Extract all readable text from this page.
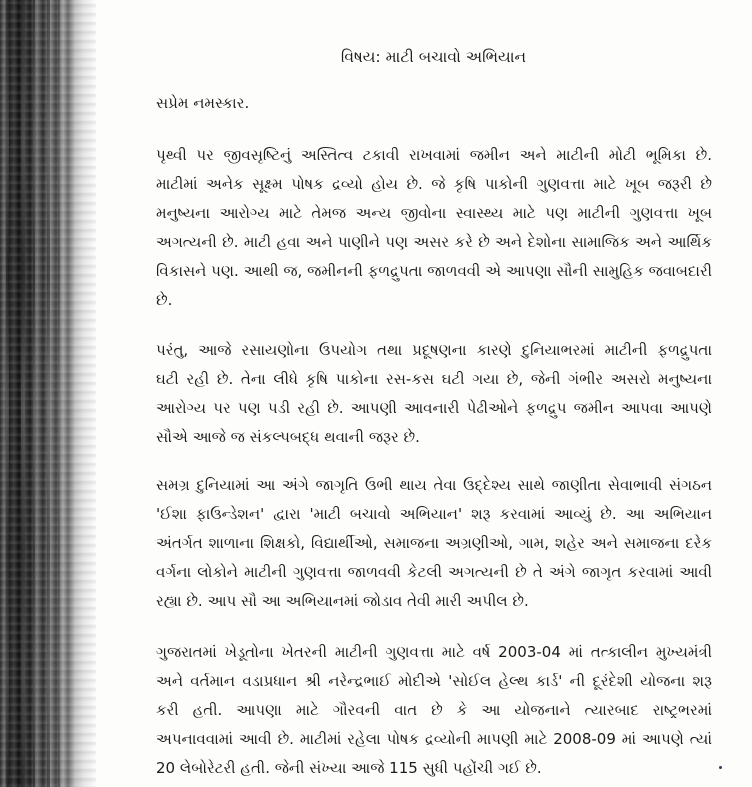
વિષય: માટી બચાવો અભિયાન
સપ્રેમ નમસ્કાર.
પૃથ્વી પર જીવસૃષ્ટિનું અસ્તિત્વ ટકાવી રાખવામાં જમીન અને માટીની મોટી ભૂમિકા છે.
માટીમાં અનેક સૂક્ષ્મ પોષક દ્રવ્યો હોય છે. જે કૃષિ પાકોની ગુણવત્તા માટે ખૂબ જરૂરી છે
મનુષ્યના આરોગ્ય માટે તેમજ અન્ય જીવોના સ્વાસ્થ્ય માટે પણ માટીની ગુણવત્તા ખૂબ
અગત્યની છે. માટી હવા અને પાણીને પણ અસર કરે છે અને દેશોના સામાજિક અને આર્થિક
વિકાસને પણ. આથી જ, જમીનની ફળદ્રુપતા જાળવવી એ આપણા સૌની સામુહિક જવાબદારી
છે.
પરંતુ, આજે રસાયણોના ઉપયોગ તથા પ્રદૂષણના કારણે દુનિયાભરમાં માટીની ફળદ્રુપતા
ઘટી રહી છે. તેના લીધે કૃષિ પાકોના રસ-કસ ઘટી ગયા છે, જેની ગંભીર અસરો મનુષ્યના
આરોગ્ય પર પણ પડી રહી છે. આપણી આવનારી પેઢીઓને ફળદ્રુપ જમીન આપવા આપણે
સૌએ આજે જ સંકલ્પબદ્ધ થવાની જરૂર છે.
સમગ્ર દુનિયામાં આ અંગે જાગૃતિ ઉભી થાય તેવા ઉદ્દેશ્ય સાથે જાણીતા સેવાભાવી સંગઠન
'ઈશા ફાઉન્ડેશન' દ્વારા 'માટી બચાવો અભિયાન' શરૂ કરવામાં આવ્યું છે. આ અભિયાન
અંતર્ગત શાળાના શિક્ષકો, વિદ્યાર્થીઓ, સમાજના અગ્રણીઓ, ગામ, શહેર અને સમાજના દરેક
વર્ગના લોકોને માટીની ગુણવત્તા જાળવવી કેટલી અગત્યની છે તે અંગે જાગૃત કરવામાં આવી
રહ્યા છે. આપ સૌ આ અભિયાનમાં જોડાવ તેવી મારી અપીલ છે.
ગુજરાતમાં ખેડૂતોના ખેતરની માટીની ગુણવત્તા માટે વર્ષ 2003-04 માં તત્કાલીન મુખ્યમંત્રી
અને વર્તમાન વડાપ્રધાન શ્રી નરેન્દ્રભાઈ મોદીએ 'સોઈલ હેલ્થ કાર્ડ' ની દૂરંદેશી યોજના શરૂ
કરી હતી. આપણા માટે ગૌરવની વાત છે કે આ યોજનાને ત્યારબાદ રાષ્ટ્રભરમાં
અપનાવવામાં આવી છે. માટીમાં રહેલા પોષક દ્રવ્યોની માપણી માટે 2008-09 માં આપણે ત્યાં
20 લેબોરેટરી હતી. જેની સંખ્યા આજે 115 સુધી પહોંચી ગઈ છે.
